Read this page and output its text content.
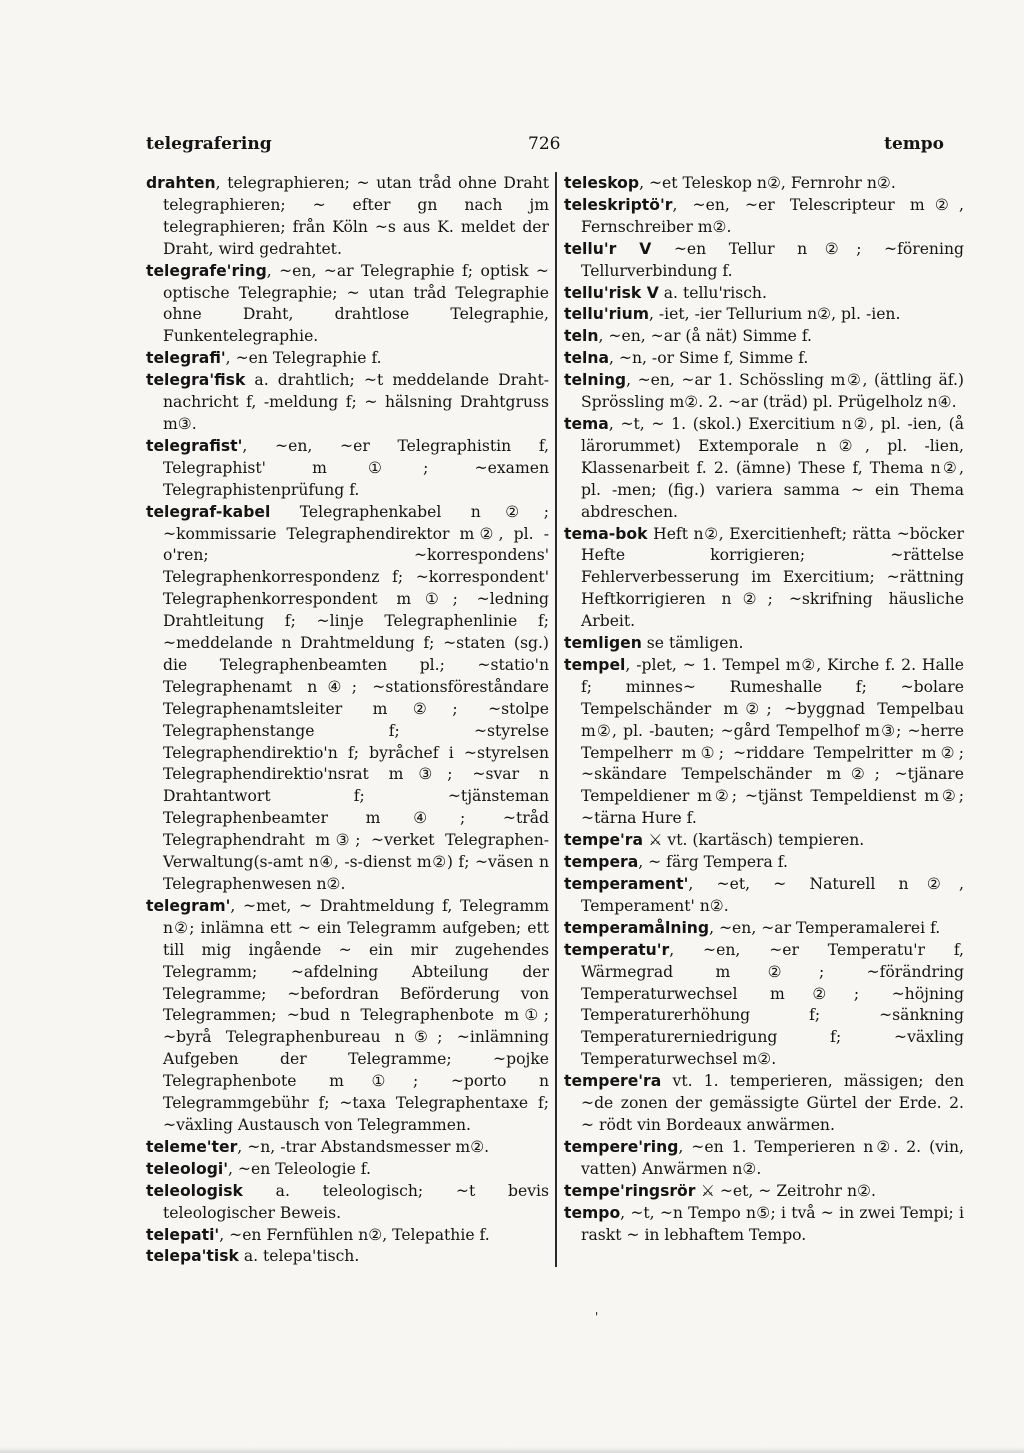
telegrafering	726	tempo

drahten, telegraphieren; ~ utan tråd ohne Draht telegraphieren; ~ efter gn nach jm telegraphieren; från Köln ~s aus K. meldet der Draht, wird gedrahtet.

telegrafe'ring, ~en, ~ar Telegraphie f; optisk ~ optische Telegraphie; ~ utan tråd Telegraphie ohne Draht, drahtlose Telegraphie, Funkentelegraphie.

telegrafi', ~en Telegraphie f.

telegra'fisk a. drahtlich; ~t meddelande Draht-nachricht f, -meldung f; ~ hälsning Drahtgruss m③.

telegrafist', ~en, ~er Telegraphistin f, Telegraphist' m①; ~examen Telegraphistenprüfung f.

telegraf-kabel Telegraphenkabel n②; ~kommissarie Telegraphendirektor m②, pl. -o'ren; ~korrespondens' Telegraphenkorrespondenz f; ~korrespondent' Telegraphenkorrespondent m①; ~ledning Drahtleitung f; ~linje Telegraphenlinie f; ~meddelande n Drahtmeldung f; ~staten (sg.) die Telegraphenbeamten pl.; ~statio'n Telegraphenamt n④; ~stationsföreståndare Telegraphenamtsleiter m②; ~stolpe Telegraphenstange f; ~styrelse Telegraphendirektio'n f; byråchef i ~styrelsen Telegraphendirektio'nsrat m③; ~svar n Drahtantwort f; ~tjänsteman Telegraphenbeamter m④; ~tråd Telegraphendraht m③; ~verket Telegraphen-Verwaltung(s-amt n④, -s-dienst m②) f; ~väsen n Telegraphenwesen n②.

telegram', ~met, ~ Drahtmeldung f, Telegramm n②; inlämna ett ~ ein Telegramm aufgeben; ett till mig ingående ~ ein mir zugehendes Telegramm; ~afdelning Abteilung der Telegramme; ~befordran Beförderung von Telegrammen; ~bud n Telegraphenbote m①; ~byrå Telegraphenbureau n⑤; ~inlämning Aufgeben der Telegramme; ~pojke Telegraphenbote m①; ~porto n Telegrammgebühr f; ~taxa Telegraphentaxe f; ~växling Austausch von Telegrammen.

teleme'ter, ~n, -trar Abstandsmesser m②.

teleologi', ~en Teleologie f.

teleologisk a. teleologisch; ~t bevis teleologischer Beweis.

telepati', ~en Fernfühlen n②, Telepathie f.

telepa'tisk a. telepa'tisch.

teleskop, ~et Teleskop n②, Fernrohr n②.

teleskriptö'r, ~en, ~er Telescripteur m②, Fernschreiber m②.

tellu'r V ~en Tellur n②; ~förening Tellurverbindung f.

tellu'risk V a. tellu'risch.

tellu'rium, -iet, -ier Tellurium n②, pl. -ien.

teln, ~en, ~ar (å nät) Simme f.

telna, ~n, -or Sime f, Simme f.

telning, ~en, ~ar 1. Schössling m②, (ättling äf.) Sprössling m②. 2. ~ar (träd) pl. Prügelholz n④.

tema, ~t, ~ 1. (skol.) Exercitium n②, pl. -ien, (å lärorummet) Extemporale n②, pl. -lien, Klassenarbeit f. 2. (ämne) These f, Thema n②, pl. -men; (fig.) variera samma ~ ein Thema abdreschen.

tema-bok Heft n②, Exercitienheft; rätta ~böcker Hefte korrigieren; ~rättelse Fehlerverbesserung im Exercitium; ~rättning Heftkorrigieren n②; ~skrifning häusliche Arbeit.

temligen se tämligen.

tempel, -plet, ~ 1. Tempel m②, Kirche f. 2. Halle f; minnes~ Rumeshalle f; ~bolare Tempelschänder m②; ~byggnad Tempelbau m②, pl. -bauten; ~gård Tempelhof m③; ~herre Tempelherr m①; ~riddare Tempelritter m②; ~skändare Tempelschänder m②; ~tjänare Tempeldiener m②; ~tjänst Tempeldienst m②; ~tärna Hure f.

tempe'ra ⚔ vt. (kartäsch) tempieren.

tempera, ~ färg Tempera f.

temperament', ~et, ~ Naturell n②, Temperament' n②.

temperamålning, ~en, ~ar Temperamalerei f.

temperatu'r, ~en, ~er Temperatu'r f, Wärmegrad m②; ~förändring Temperaturwechsel m②; ~höjning Temperaturerhöhung f; ~sänkning Temperaturerniedrigung f; ~växling Temperaturwechsel m②.

tempere'ra vt. 1. temperieren, mässigen; den ~de zonen der gemässigte Gürtel der Erde. 2. ~ rödt vin Bordeaux anwärmen.

tempere'ring, ~en 1. Temperieren n②. 2. (vin, vatten) Anwärmen n②.

tempe'ringsrör ⚔ ~et, ~ Zeitrohr n②.

tempo, ~t, ~n Tempo n⑤; i två ~ in zwei Tempi; i raskt ~ in lebhaftem Tempo.

'
